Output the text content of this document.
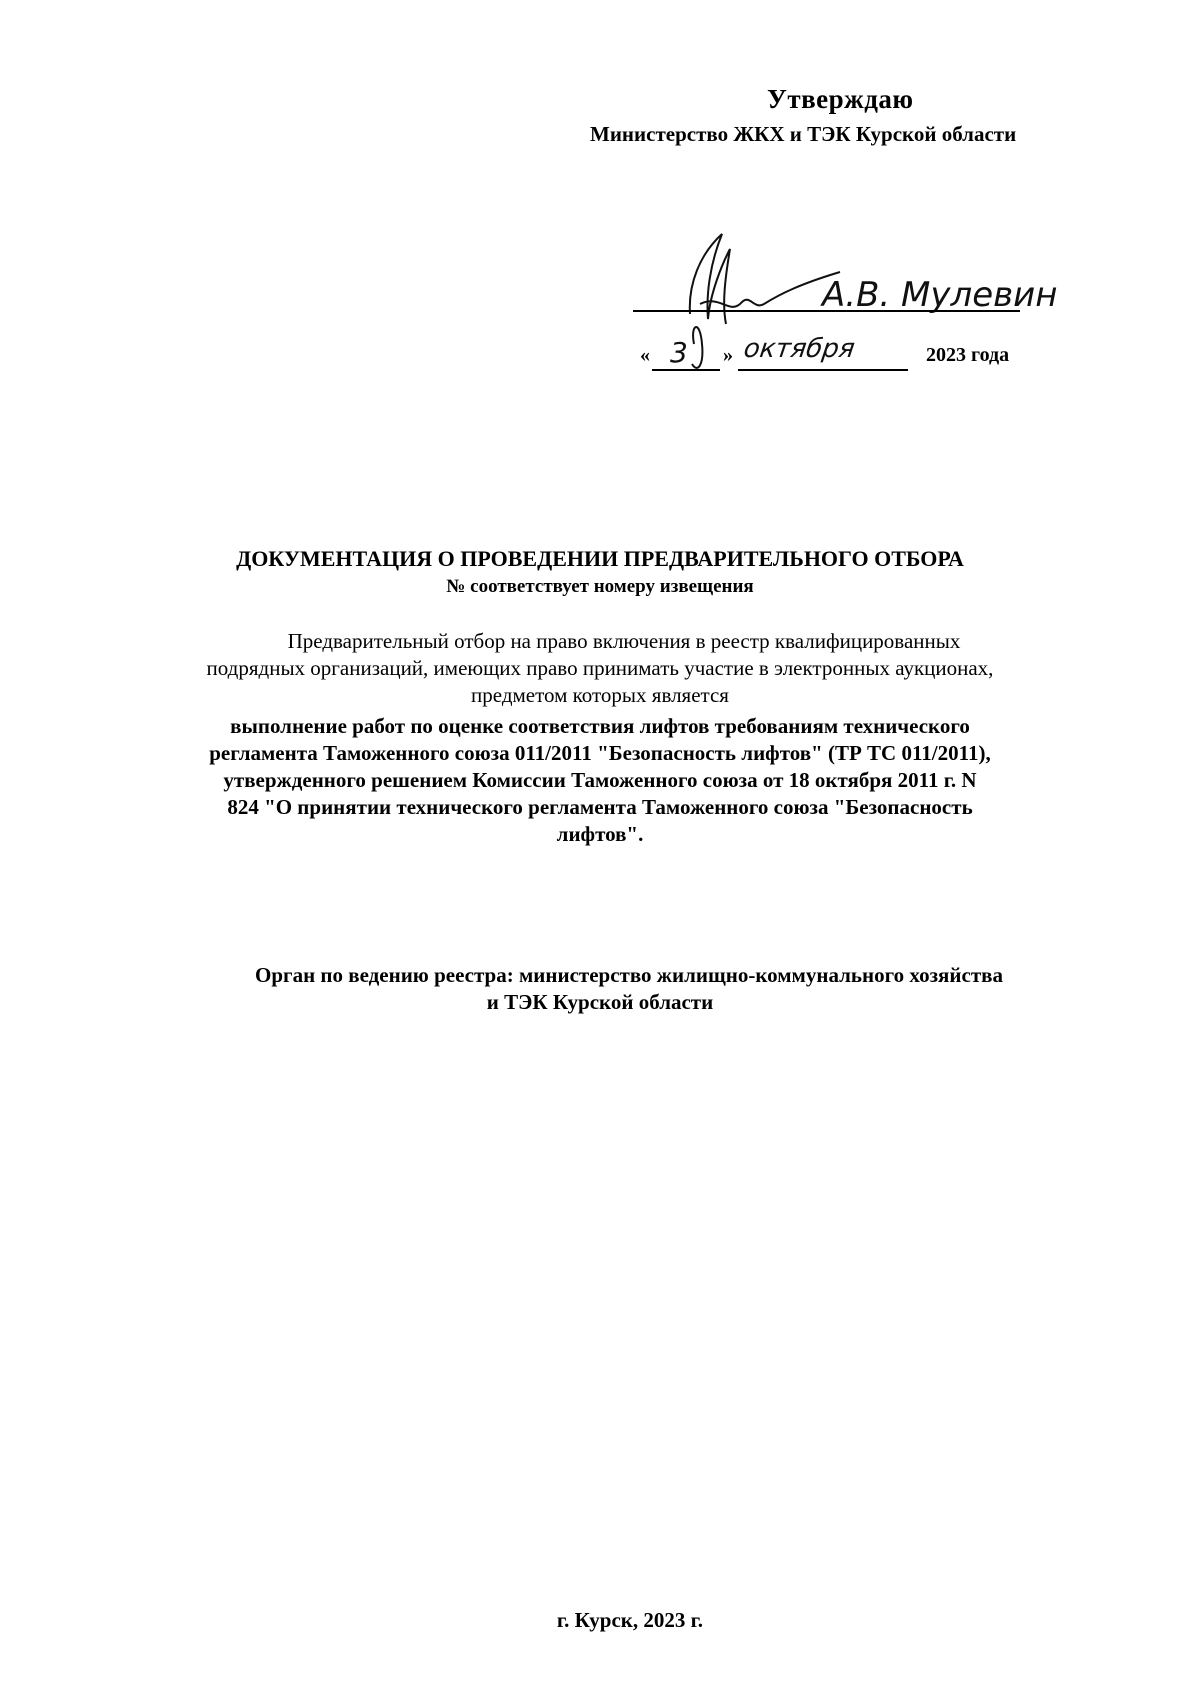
Утверждаю
Министерство ЖКХ и ТЭК Курской области
А.В. Мулевин
« 3 » октября	2023 года
ДОКУМЕНТАЦИЯ О ПРОВЕДЕНИИ ПРЕДВАРИТЕЛЬНОГО ОТБОРА
№ соответствует номеру извещения
Предварительный отбор на право включения в реестр квалифицированных
подрядных организаций, имеющих право принимать участие в электронных аукционах,
предметом которых является
выполнение работ по оценке соответствия лифтов требованиям технического
регламента Таможенного союза 011/2011 "Безопасность лифтов" (ТР ТС 011/2011),
утвержденного решением Комиссии Таможенного союза от 18 октября 2011 г. N
824 "О принятии технического регламента Таможенного союза "Безопасность
лифтов".
Орган по ведению реестра: министерство жилищно-коммунального хозяйства
и ТЭК Курской области
г. Курск, 2023 г.
